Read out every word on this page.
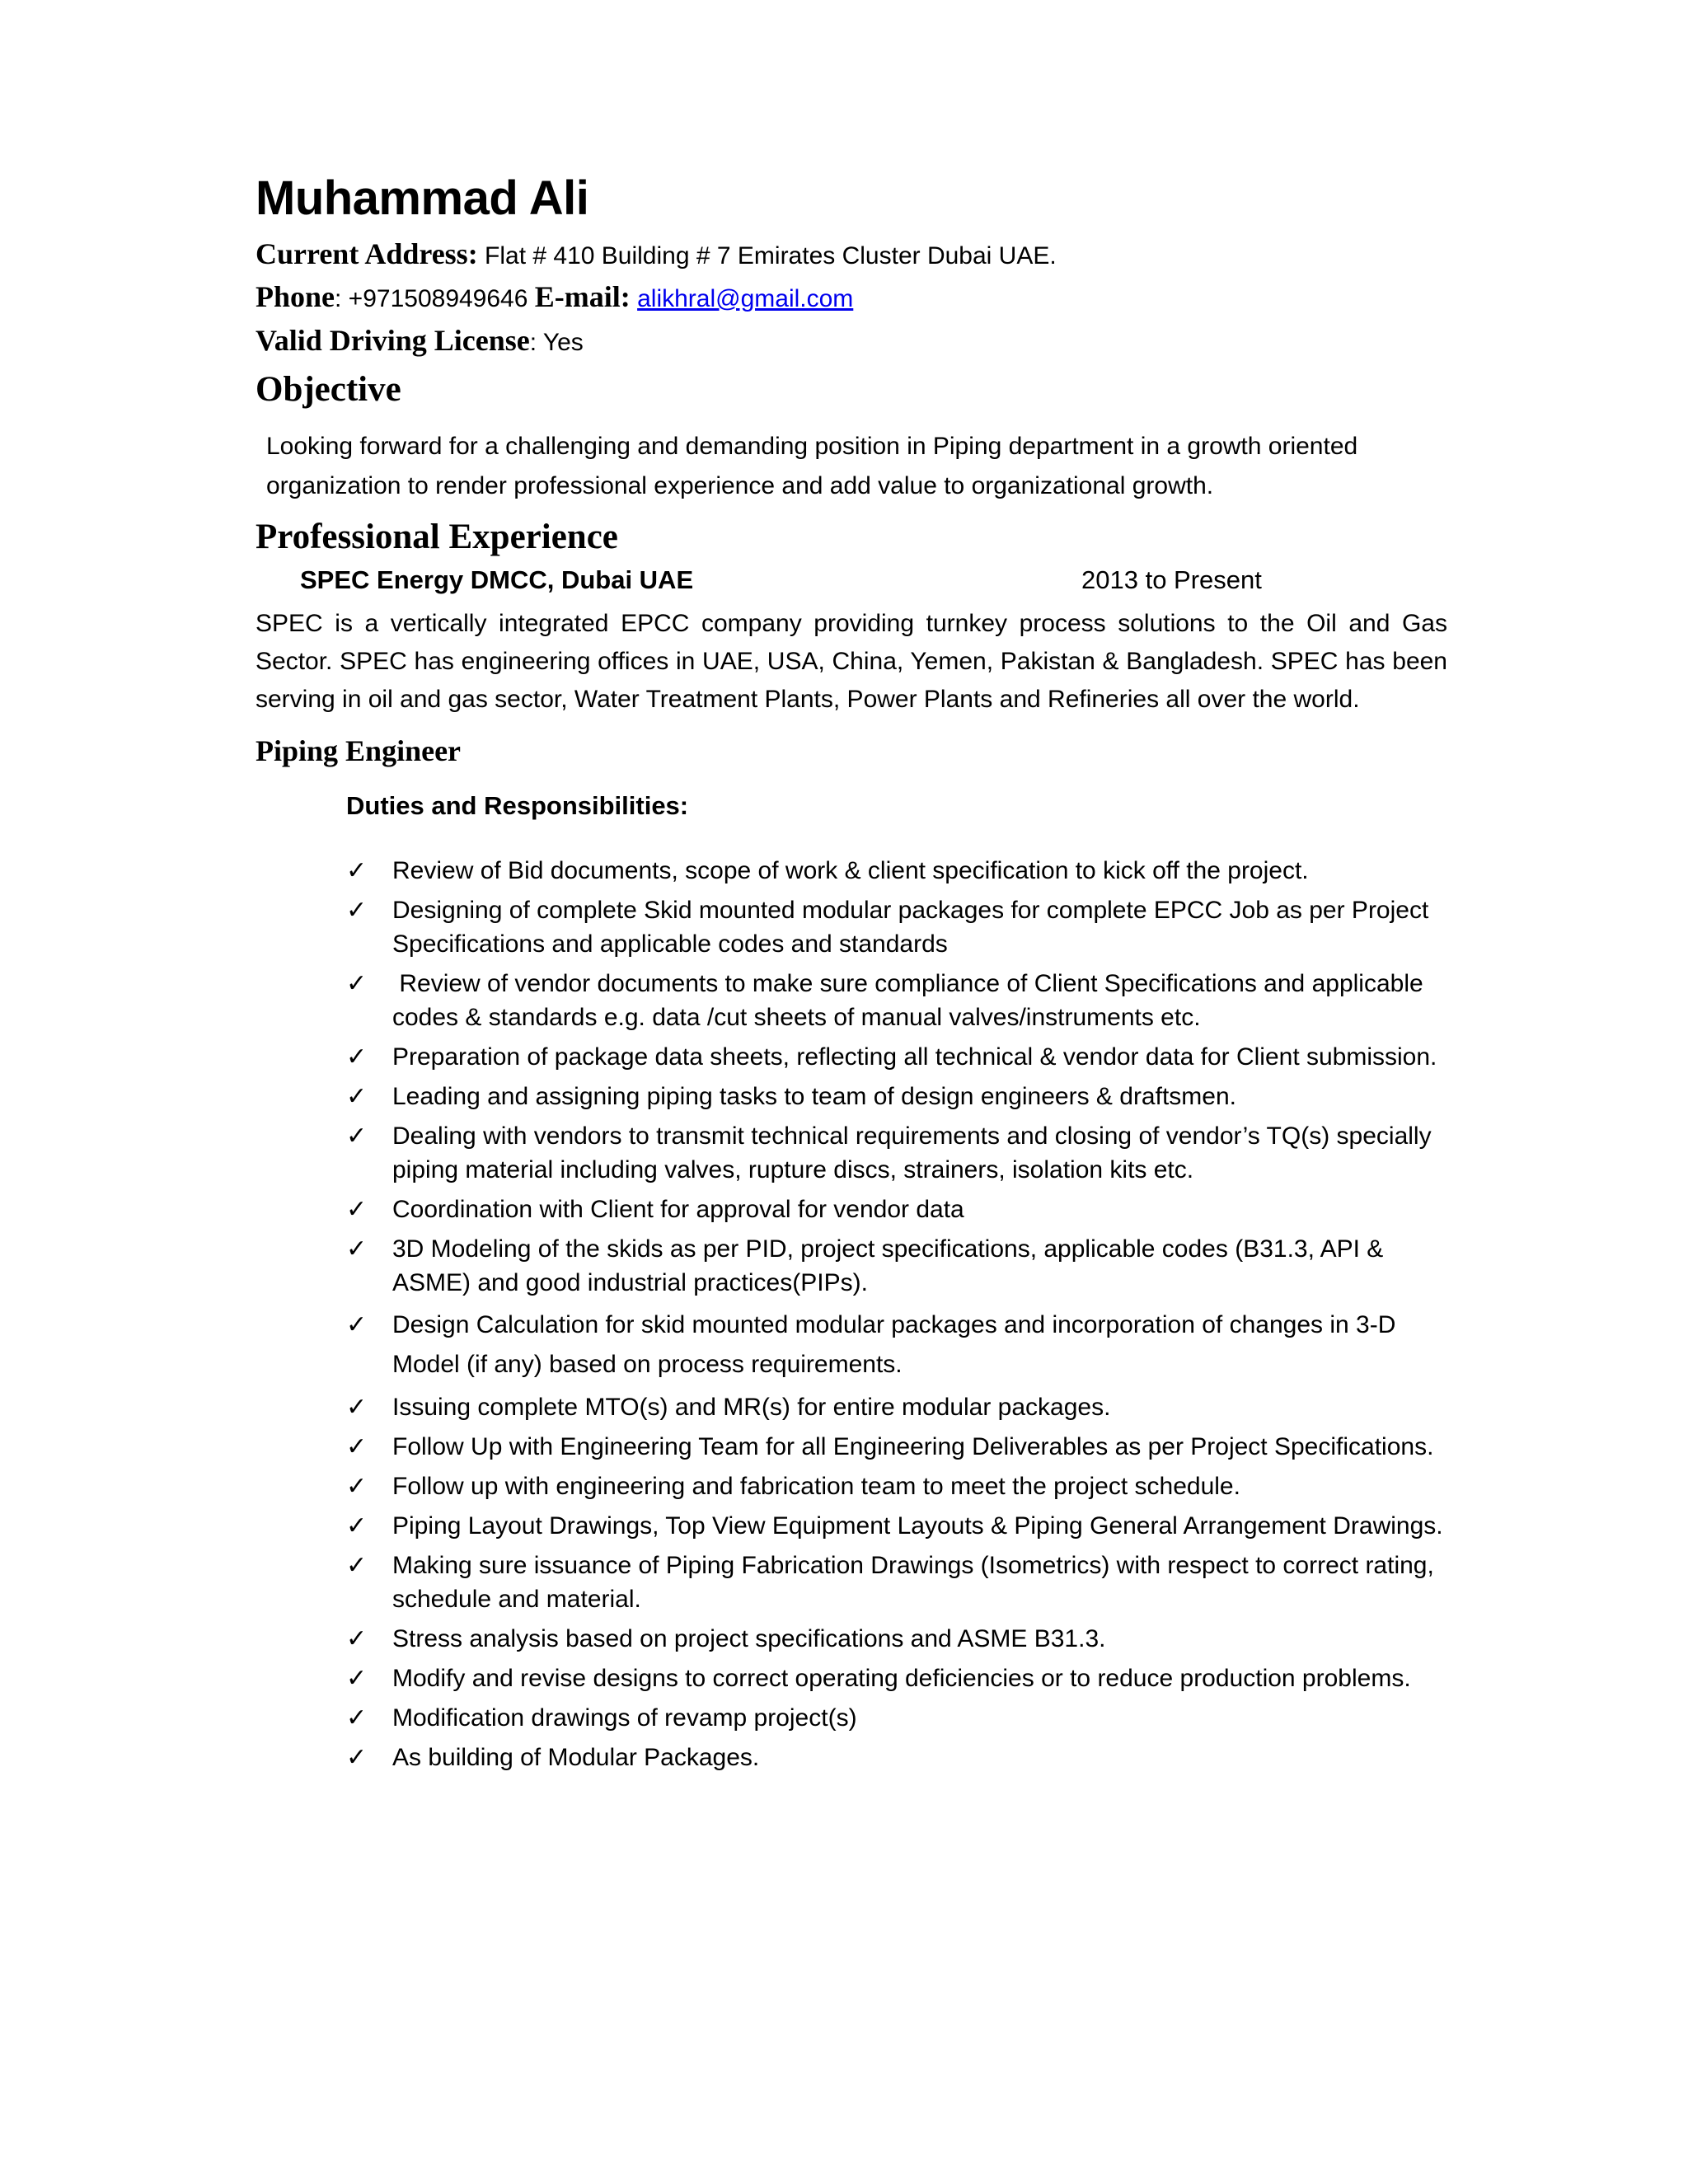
Muhammad Ali
Current Address: Flat # 410 Building # 7 Emirates Cluster Dubai UAE.
Phone: +971508949646 E-mail: alikhral@gmail.com
Valid Driving License: Yes
Objective

Looking forward for a challenging and demanding position in Piping department in a growth oriented organization to render professional experience and add value to organizational growth.

Professional Experience
SPEC Energy DMCC, Dubai UAE	2013 to Present

SPEC is a vertically integrated EPCC company providing turnkey process solutions to the Oil and Gas Sector. SPEC has engineering offices in UAE, USA, China, Yemen, Pakistan & Bangladesh. SPEC has been serving in oil and gas sector, Water Treatment Plants, Power Plants and Refineries all over the world.

Piping Engineer
Duties and Responsibilities:
✓ Review of Bid documents, scope of work & client specification to kick off the project.
✓ Designing of complete Skid mounted modular packages for complete EPCC Job as per Project Specifications and applicable codes and standards
✓ Review of vendor documents to make sure compliance of Client Specifications and applicable codes & standards e.g. data /cut sheets of manual valves/instruments etc.
✓ Preparation of package data sheets, reflecting all technical & vendor data for Client submission.
✓ Leading and assigning piping tasks to team of design engineers & draftsmen.
✓ Dealing with vendors to transmit technical requirements and closing of vendor’s TQ(s) specially piping material including valves, rupture discs, strainers, isolation kits etc.
✓ Coordination with Client for approval for vendor data
✓ 3D Modeling of the skids as per PID, project specifications, applicable codes (B31.3, API & ASME) and good industrial practices(PIPs).
✓ Design Calculation for skid mounted modular packages and incorporation of changes in 3-D Model (if any) based on process requirements.
✓ Issuing complete MTO(s) and MR(s) for entire modular packages.
✓ Follow Up with Engineering Team for all Engineering Deliverables as per Project Specifications.
✓ Follow up with engineering and fabrication team to meet the project schedule.
✓ Piping Layout Drawings, Top View Equipment Layouts & Piping General Arrangement Drawings.
✓ Making sure issuance of Piping Fabrication Drawings (Isometrics) with respect to correct rating, schedule and material.
✓ Stress analysis based on project specifications and ASME B31.3.
✓ Modify and revise designs to correct operating deficiencies or to reduce production problems.
✓ Modification drawings of revamp project(s)
✓ As building of Modular Packages.
